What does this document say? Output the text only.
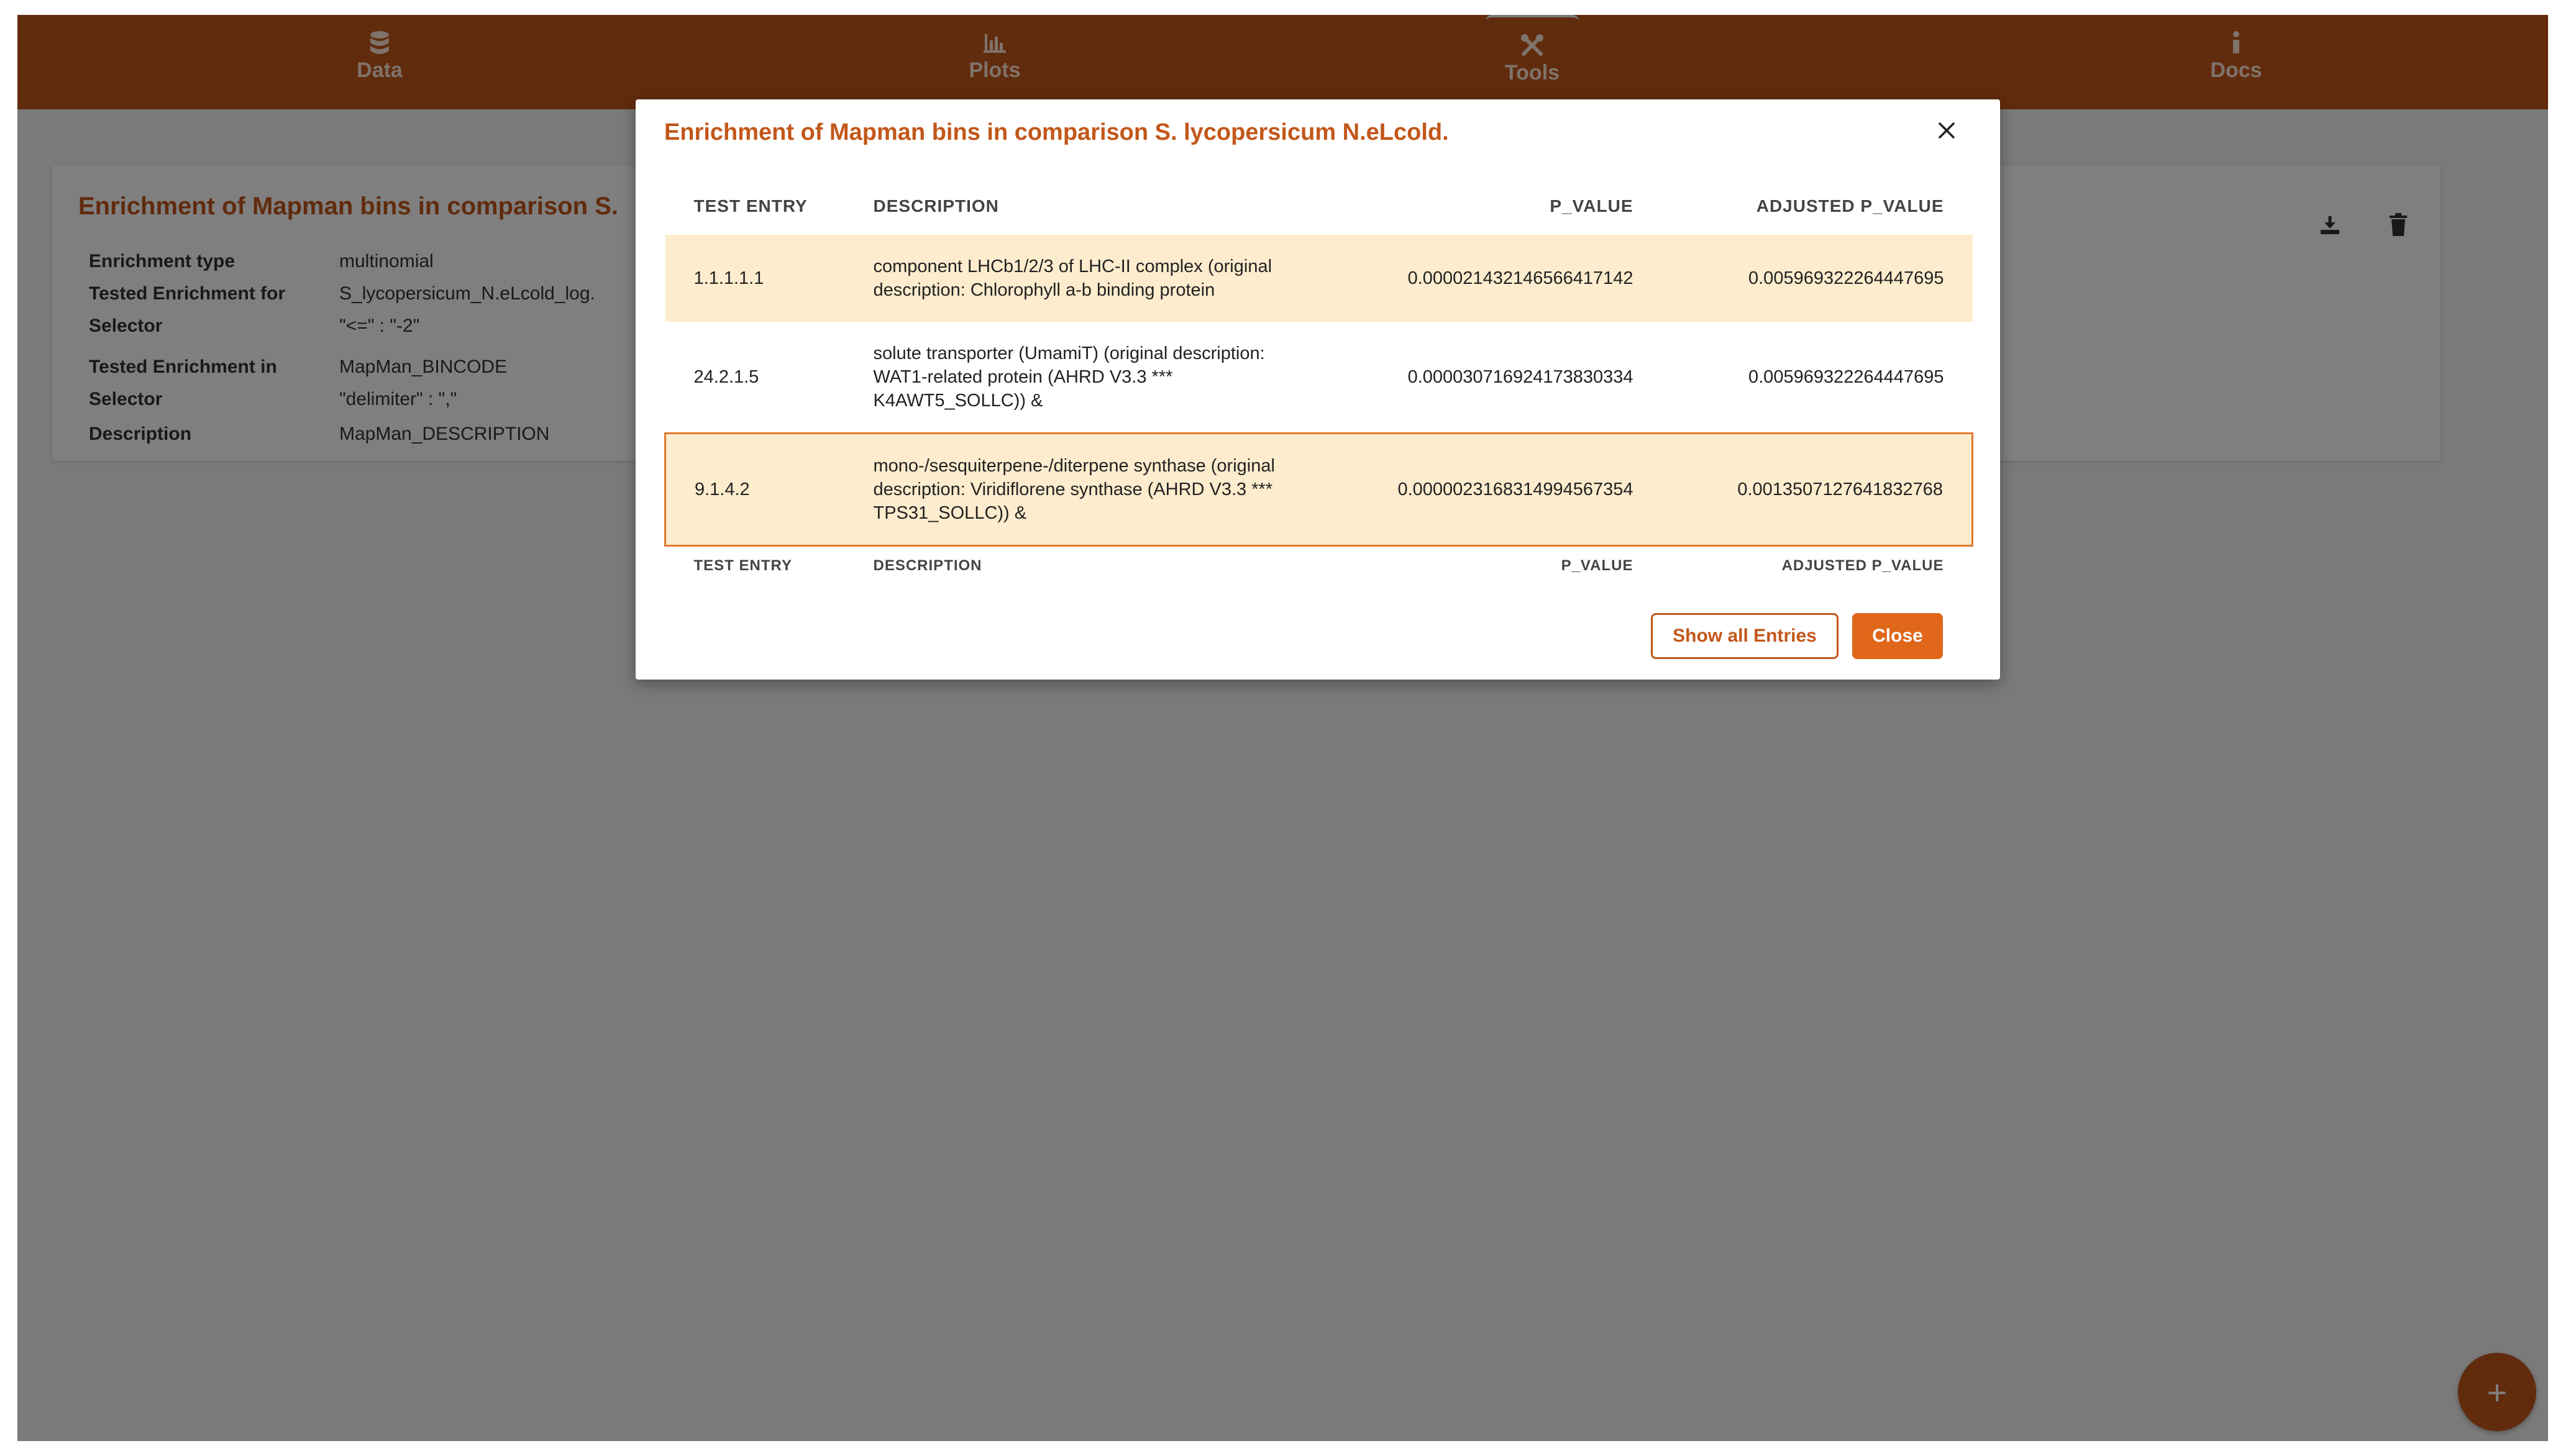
Enrichment of Mapman bins in comparison S. lycopersicum N.eLcold.
TEST ENTRY	DESCRIPTION	P_VALUE	ADJUSTED P_VALUE
1.1.1.1.1	component LHCb1/2/3 of LHC-II complex (original
description: Chlorophyll a-b binding protein	0.000021432146566417142	0.005969322264447695
24.2.1.5	solute transporter (UmamiT) (original description:
WAT1-related protein (AHRD V3.3 ***
K4AWT5_SOLLC)) &	0.000030716924173830334	0.005969322264447695
9.1.4.2	mono-/sesquiterpene-/diterpene synthase (original
description: Viridiflorene synthase (AHRD V3.3 ***
TPS31_SOLLC)) &	0.0000023168314994567354	0.0013507127641832768
TEST ENTRY	DESCRIPTION	P_VALUE	ADJUSTED P_VALUE
Show all Entries	Close
